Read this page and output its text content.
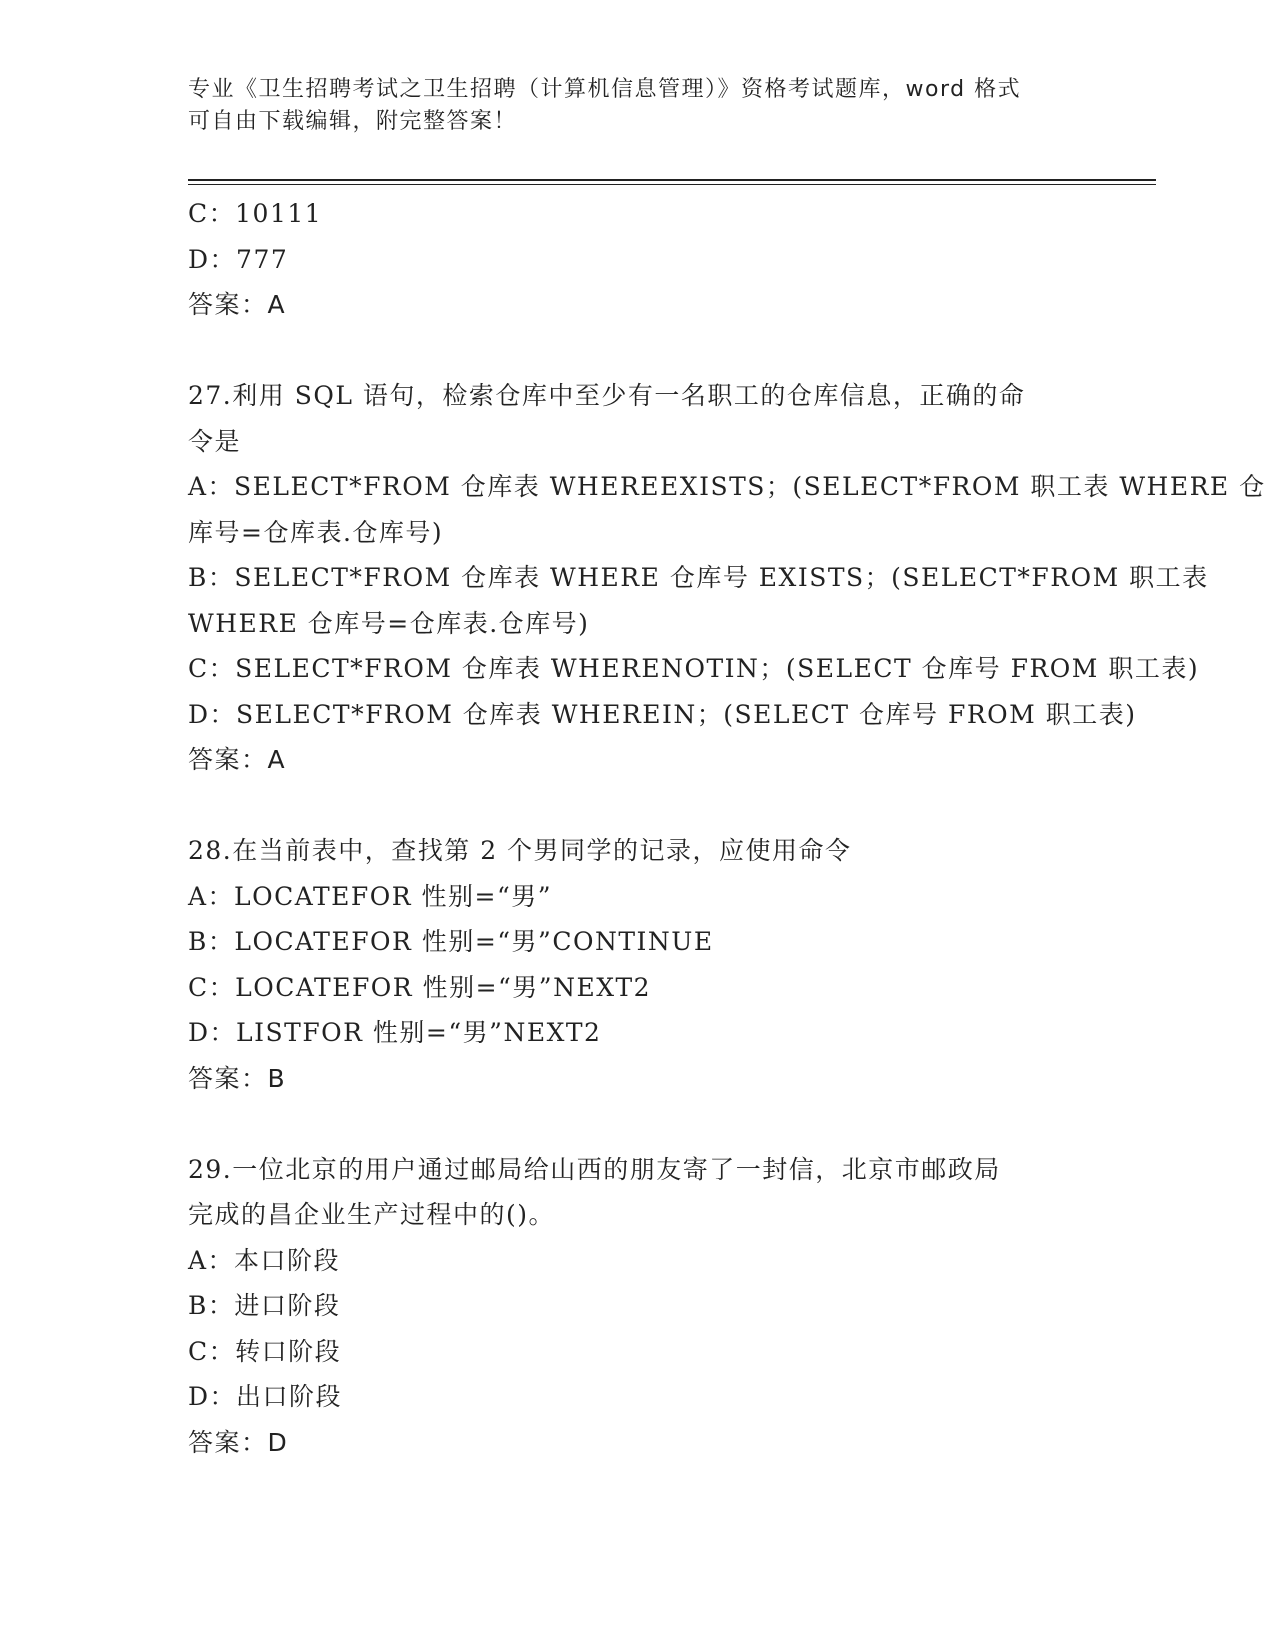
专业《卫生招聘考试之卫生招聘（计算机信息管理）》资格考试题库，word 格式
可自由下载编辑，附完整答案！
C：10111
D：777
答案：A
27.利用 SQL 语句，检索仓库中至少有一名职工的仓库信息，正确的命
令是
A：SELECT*FROM 仓库表 WHEREEXISTS；(SELECT*FROM 职工表 WHERE 仓
库号=仓库表.仓库号)
B：SELECT*FROM 仓库表 WHERE 仓库号 EXISTS；(SELECT*FROM 职工表
WHERE 仓库号=仓库表.仓库号)
C：SELECT*FROM 仓库表 WHERENOTIN；(SELECT 仓库号 FROM 职工表)
D：SELECT*FROM 仓库表 WHEREIN；(SELECT 仓库号 FROM 职工表)
答案：A
28.在当前表中，查找第 2 个男同学的记录，应使用命令
A：LOCATEFOR 性别=“男”
B：LOCATEFOR 性别=“男”CONTINUE
C：LOCATEFOR 性别=“男”NEXT2
D：LISTFOR 性别=“男”NEXT2
答案：B
29.一位北京的用户通过邮局给山西的朋友寄了一封信，北京市邮政局
完成的昌企业生产过程中的()。
A：本口阶段
B：进口阶段
C：转口阶段
D：出口阶段
答案：D
